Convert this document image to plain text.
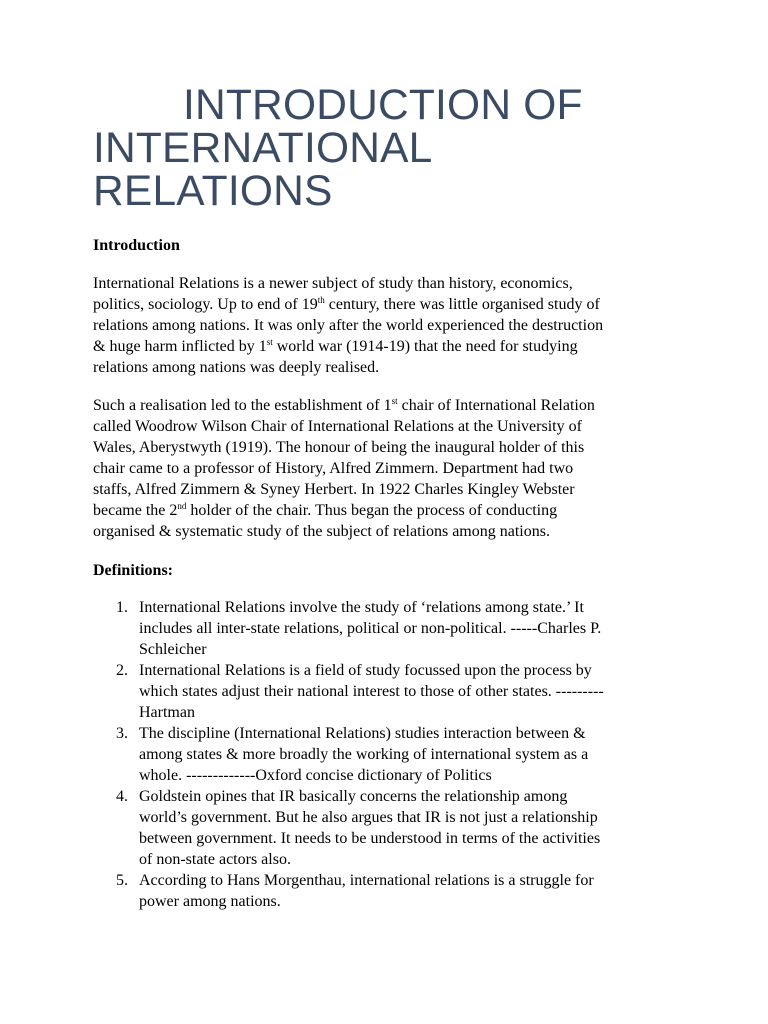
INTRODUCTION OF
INTERNATIONAL
RELATIONS

Introduction

International Relations is a newer subject of study than history, economics,
politics, sociology. Up to end of 19th century, there was little organised study of
relations among nations. It was only after the world experienced the destruction
& huge harm inflicted by 1st world war (1914-19) that the need for studying
relations among nations was deeply realised.

Such a realisation led to the establishment of 1st chair of International Relation
called Woodrow Wilson Chair of International Relations at the University of
Wales, Aberystwyth (1919). The honour of being the inaugural holder of this
chair came to a professor of History, Alfred Zimmern. Department had two
staffs, Alfred Zimmern & Syney Herbert. In 1922 Charles Kingley Webster
became the 2nd holder of the chair. Thus began the process of conducting
organised & systematic study of the subject of relations among nations.

Definitions:

1. International Relations involve the study of ‘relations among state.’ It
includes all inter-state relations, political or non-political. -----Charles P.
Schleicher
2. International Relations is a field of study focussed upon the process by
which states adjust their national interest to those of other states. ---------
Hartman
3. The discipline (International Relations) studies interaction between &
among states & more broadly the working of international system as a
whole. -------------Oxford concise dictionary of Politics
4. Goldstein opines that IR basically concerns the relationship among
world’s government. But he also argues that IR is not just a relationship
between government. It needs to be understood in terms of the activities
of non-state actors also.
5. According to Hans Morgenthau, international relations is a struggle for
power among nations.
